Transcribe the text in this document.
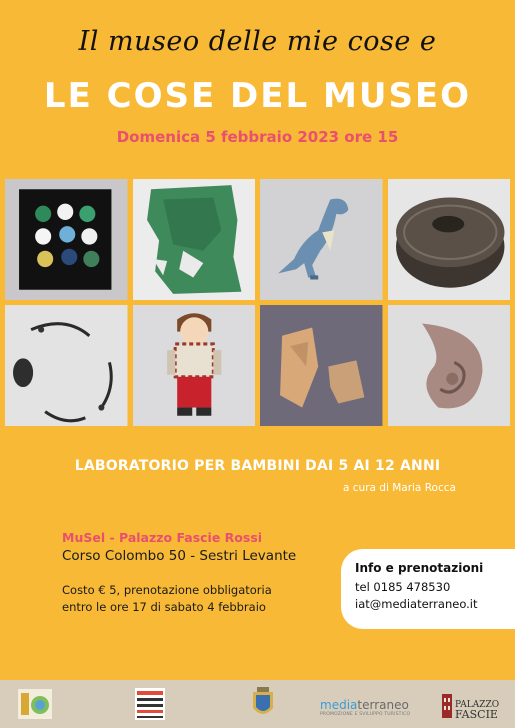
Il museo delle mie cose e
LE COSE DEL MUSEO
Domenica 5 febbraio 2023 ore 15
LABORATORIO PER BAMBINI DAI 5 AI 12 ANNI
a cura di Maria Rocca
MuSel - Palazzo Fascie Rossi
Corso Colombo 50 - Sestri Levante
Costo € 5, prenotazione obbligatoria
entro le ore 17 di sabato 4 febbraio
Info e prenotazioni
tel 0185 478530
iat@mediaterraneo.it
mediaterraneo
PROMOZIONE E SVILUPPO TURISTICO
PALAZZO
FASCIE
